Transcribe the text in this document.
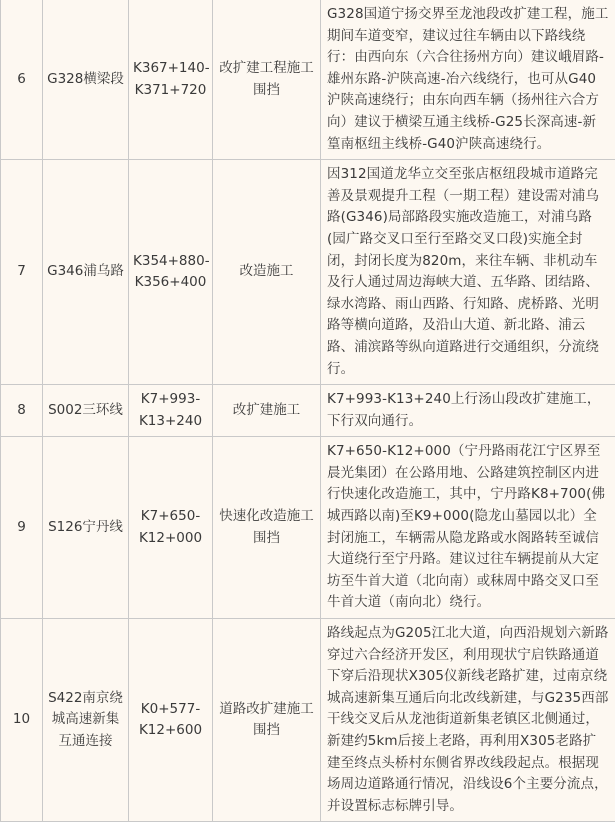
6	G328横梁段	K367+140-K371+720	改扩建工程施工围挡	G328国道宁扬交界至龙池段改扩建工程，施工期间车道变窄，建议过往车辆由以下路线绕行：由西向东（六合往扬州方向）建议峨眉路-雄州东路-沪陕高速-冶六线绕行，也可从G40沪陕高速绕行；由东向西车辆（扬州往六合方向）建议于横梁互通主线桥-G25长深高速-新篁南枢纽主线桥-G40沪陕高速绕行。
7	G346浦乌路	K354+880-K356+400	改造施工	因312国道龙华立交至张店枢纽段城市道路完善及景观提升工程（一期工程）建设需对浦乌路(G346)局部路段实施改造施工，对浦乌路(园广路交叉口至行至路交叉口段)实施全封闭，封闭长度为820m，来往车辆、非机动车及行人通过周边海峡大道、五华路、团结路、绿水湾路、雨山西路、行知路、虎桥路、光明路等横向道路，及沿山大道、新北路、浦云路、浦滨路等纵向道路进行交通组织，分流绕行。
8	S002三环线	K7+993-K13+240	改扩建施工	K7+993-K13+240上行汤山段改扩建施工，下行双向通行。
9	S126宁丹线	K7+650-K12+000	快速化改造施工围挡	K7+650-K12+000（宁丹路雨花江宁区界至晨光集团）在公路用地、公路建筑控制区内进行快速化改造施工，其中，宁丹路K8+700(佛城西路以南)至K9+000(隐龙山墓园以北）全封闭施工，车辆需从隐龙路或水阁路转至诚信大道绕行至宁丹路。建议过往车辆提前从大定坊至牛首大道（北向南）或秣周中路交叉口至牛首大道（南向北）绕行。
10	S422南京绕城高速新集互通连接	K0+577-K12+600	道路改扩建施工围挡	路线起点为G205江北大道，向西沿规划六新路穿过六合经济开发区，利用现状宁启铁路通道下穿后沿现状X305仪新线老路扩建，过南京绕城高速新集互通后向北改线新建，与G235西部干线交叉后从龙池街道新集老镇区北侧通过，新建约5km后接上老路，再利用X305老路扩建至终点头桥村东侧省界改线段起点。根据现场周边道路通行情况，沿线设6个主要分流点，并设置标志标牌引导。
